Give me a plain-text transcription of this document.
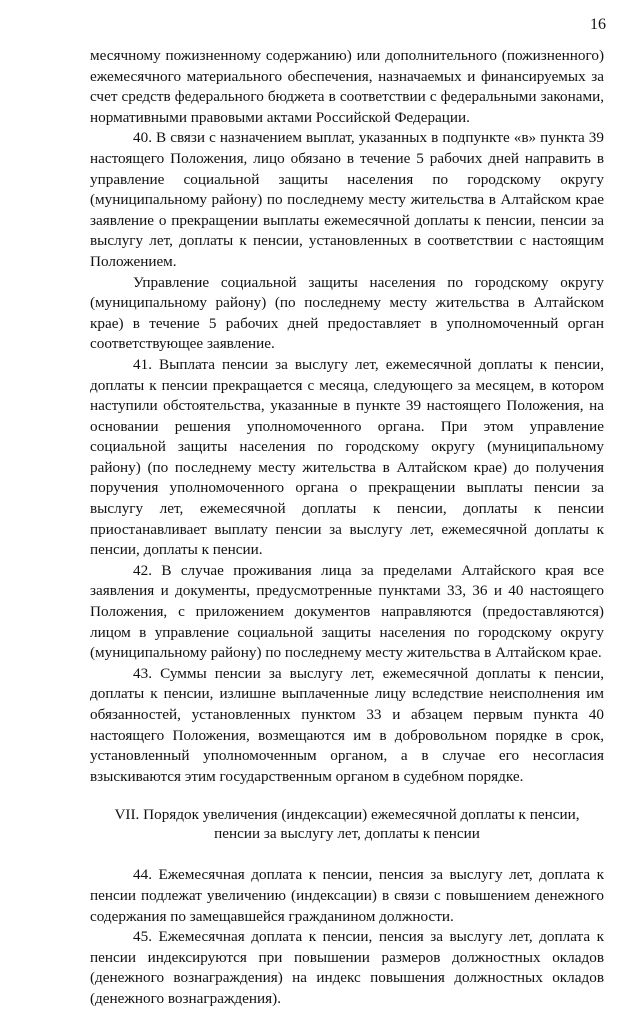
16

месячному пожизненному содержанию) или дополнительного (пожизненного) ежемесячного материального обеспечения, назначаемых и финансируемых за счет средств федерального бюджета в соответствии с федеральными законами, нормативными правовыми актами Российской Федерации.

40. В связи с назначением выплат, указанных в подпункте «в» пункта 39 настоящего Положения, лицо обязано в течение 5 рабочих дней направить в управление социальной защиты населения по городскому округу (муниципальному району) по последнему месту жительства в Алтайском крае заявление о прекращении выплаты ежемесячной доплаты к пенсии, пенсии за выслугу лет, доплаты к пенсии, установленных в соответствии с настоящим Положением.

Управление социальной защиты населения по городскому округу (муниципальному району) (по последнему месту жительства в Алтайском крае) в течение 5 рабочих дней предоставляет в уполномоченный орган соответствующее заявление.

41. Выплата пенсии за выслугу лет, ежемесячной доплаты к пенсии, доплаты к пенсии прекращается с месяца, следующего за месяцем, в котором наступили обстоятельства, указанные в пункте 39 настоящего Положения, на основании решения уполномоченного органа. При этом управление социальной защиты населения по городскому округу (муниципальному району) (по последнему месту жительства в Алтайском крае) до получения поручения уполномоченного органа о прекращении выплаты пенсии за выслугу лет, ежемесячной доплаты к пенсии, доплаты к пенсии приостанавливает выплату пенсии за выслугу лет, ежемесячной доплаты к пенсии, доплаты к пенсии.

42. В случае проживания лица за пределами Алтайского края все заявления и документы, предусмотренные пунктами 33, 36 и 40 настоящего Положения, с приложением документов направляются (предоставляются) лицом в управление социальной защиты населения по городскому округу (муниципальному району) по последнему месту жительства в Алтайском крае.

43. Суммы пенсии за выслугу лет, ежемесячной доплаты к пенсии, доплаты к пенсии, излишне выплаченные лицу вследствие неисполнения им обязанностей, установленных пунктом 33 и абзацем первым пункта 40 настоящего Положения, возмещаются им в добровольном порядке в срок, установленный уполномоченным органом, а в случае его несогласия взыскиваются этим государственным органом в судебном порядке.

VII. Порядок увеличения (индексации) ежемесячной доплаты к пенсии, пенсии за выслугу лет, доплаты к пенсии

44. Ежемесячная доплата к пенсии, пенсия за выслугу лет, доплата к пенсии подлежат увеличению (индексации) в связи с повышением денежного содержания по замещавшейся гражданином должности.

45. Ежемесячная доплата к пенсии, пенсия за выслугу лет, доплата к пенсии индексируются при повышении размеров должностных окладов (денежного вознаграждения) на индекс повышения должностных окладов (денежного вознаграждения).
